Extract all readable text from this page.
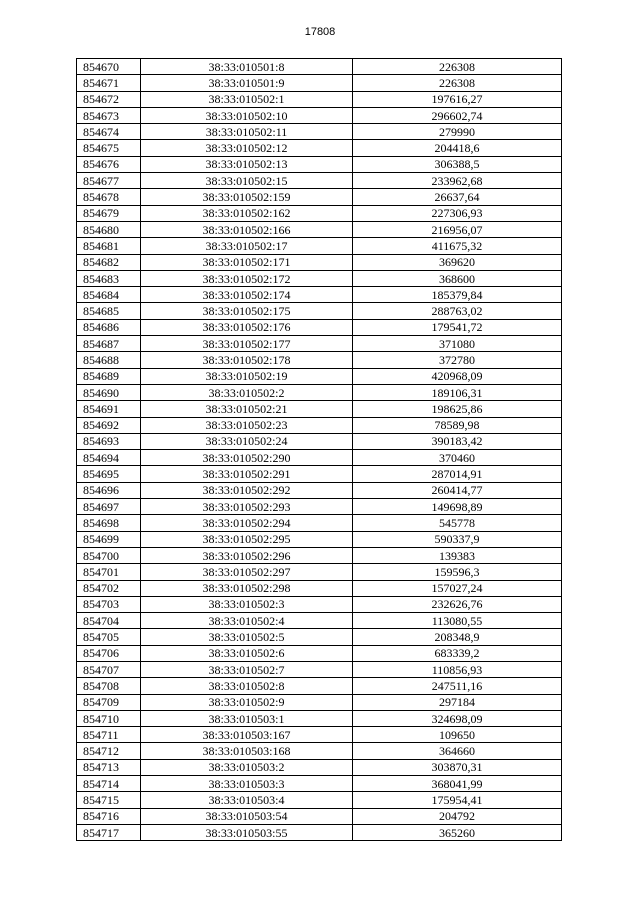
17808
854670	38:33:010501:8	226308
854671	38:33:010501:9	226308
854672	38:33:010502:1	197616,27
854673	38:33:010502:10	296602,74
854674	38:33:010502:11	279990
854675	38:33:010502:12	204418,6
854676	38:33:010502:13	306388,5
854677	38:33:010502:15	233962,68
854678	38:33:010502:159	26637,64
854679	38:33:010502:162	227306,93
854680	38:33:010502:166	216956,07
854681	38:33:010502:17	411675,32
854682	38:33:010502:171	369620
854683	38:33:010502:172	368600
854684	38:33:010502:174	185379,84
854685	38:33:010502:175	288763,02
854686	38:33:010502:176	179541,72
854687	38:33:010502:177	371080
854688	38:33:010502:178	372780
854689	38:33:010502:19	420968,09
854690	38:33:010502:2	189106,31
854691	38:33:010502:21	198625,86
854692	38:33:010502:23	78589,98
854693	38:33:010502:24	390183,42
854694	38:33:010502:290	370460
854695	38:33:010502:291	287014,91
854696	38:33:010502:292	260414,77
854697	38:33:010502:293	149698,89
854698	38:33:010502:294	545778
854699	38:33:010502:295	590337,9
854700	38:33:010502:296	139383
854701	38:33:010502:297	159596,3
854702	38:33:010502:298	157027,24
854703	38:33:010502:3	232626,76
854704	38:33:010502:4	113080,55
854705	38:33:010502:5	208348,9
854706	38:33:010502:6	683339,2
854707	38:33:010502:7	110856,93
854708	38:33:010502:8	247511,16
854709	38:33:010502:9	297184
854710	38:33:010503:1	324698,09
854711	38:33:010503:167	109650
854712	38:33:010503:168	364660
854713	38:33:010503:2	303870,31
854714	38:33:010503:3	368041,99
854715	38:33:010503:4	175954,41
854716	38:33:010503:54	204792
854717	38:33:010503:55	365260
